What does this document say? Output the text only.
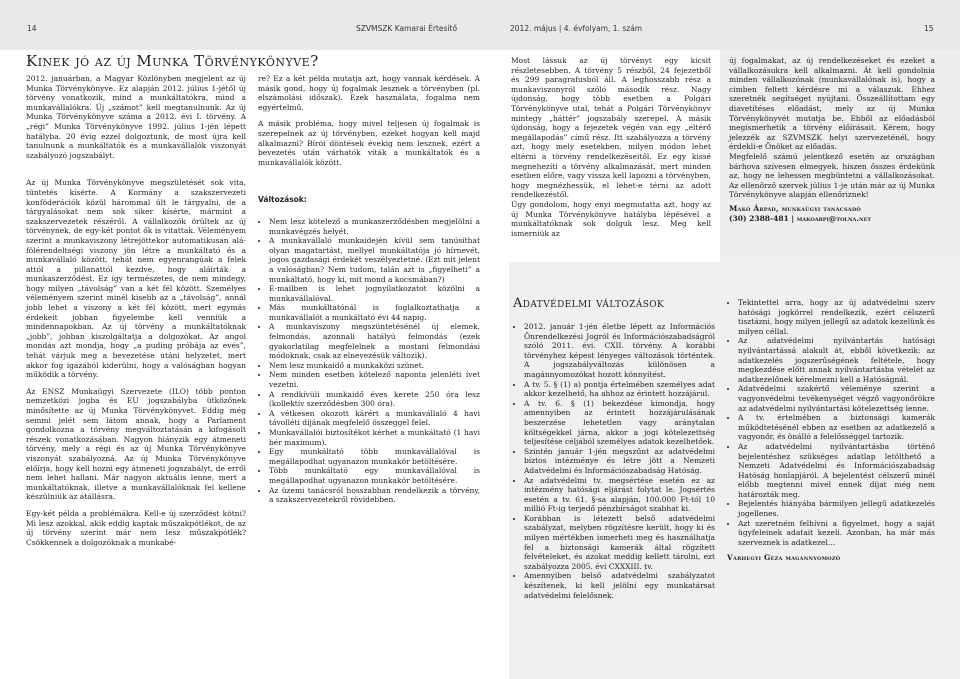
14	SZVMSZK Kamarai Értesítő	2012. május | 4. évfolyam, 1. szám	15
Kinek jó az új Munka Törvénykönyve?

2012. januárban, a Magyar Közlönyben megjelent az új Munka Törvénykönyve. Ez alapján 2012. július 1-jétől új törvény vonatkozik, mind a munkáltatókra, mind a munkavállalókra. Új „számot” kell megtanulnunk. Az új Munka Törvénykönyve száma a 2012. évi I. törvény. A „régi” Munka Törvénykönyve 1992. július 1-jén lépett hatályba. 20 évig ezzel dolgoztunk, de most újra kell tanulnunk a munkáltatók és a munkavállalók viszonyát szabályozó jogszabályt.

Az új Munka Törvénykönyve megszületését sok vita, tüntetés kísérte. A Kormány a szakszervezeti konföderációk közül hárommal ült le tárgyalni, de a tárgyalásokat nem sok siker kísérte, mármint a szakszervezetek részéről. A vállalkozók örültek az új törvénynek, de egy-két pontot ők is vitattak. Véleményem szerint a munkaviszony létrejöttekor automatikusan alá-fölérendeltségi viszony jön létre a munkáltató és a munkavállaló között, tehát nem egyenrangúak a felek attól a pillanattól kezdve, hogy aláírták a munkaszerződést. Ez így természetes, de nem mindegy, hogy milyen „távolság” van a két fél között. Személyes véleményem szerint minél kisebb az a „távolság”, annál jobb lehet a viszony a két fél között, mert egymás érdekeit jobban figyelembe kell venniük a mindennapokban. Az új törvény a munkáltatóknak „jobb”, jobban kiszolgáltatja a dolgozókat. Az angol mondás azt mondja, hogy „a puding próbája az evés”, tehát várjuk meg a bevezetése utáni helyzetet, mert akkor fog igazából kiderülni, hogy a valóságban hogyan működik a törvény.

Az ENSZ Munkaügyi Szervezete (ILO) több ponton nemzetközi jogba és EU jogszabályba ütközőnek minősítette az új Munka Törvénykönyvet. Eddig még semmi jelét sem látom annak, hogy a Parlament gondolkozna a törvény megváltoztatásán a kifogásolt részek vonatkozásában. Nagyon hiányzik egy átmeneti törvény, mely a régi és az új Munka Törvénykönyve viszonyát szabályozná. Az új Munka Törvénykönyve előírja, hogy kell hozni egy átmeneti jogszabályt, de erről nem lehet hallani. Már nagyon aktuális lenne, mert a munkáltatóknak, illetve a munkavállalóknak fel kellene készülniük az átállásra.

Egy-két példa a problémákra. Kell-e új szerződést kötni? Mi lesz azokkal, akik eddig kaptak műszakpótlékot, de az új törvény szerint már nem lesz műszakpótlék? Csökkennek a dolgozóknak a munkabé-

re? Ez a két példa mutatja azt, hogy vannak kérdések. A másik gond, hogy új fogalmak lesznek a törvényben (pl. elszámolási időszak). Ezek használata, fogalma nem egyértelmű.

A másik probléma, hogy mivel teljesen új fogalmak is szerepelnek az új törvényben, ezeket hogyan kell majd alkalmazni? Bírói döntések évekig nem lesznek, ezért a bevezetés után várhatók viták a munkáltatók és a munkavállalók között.

Változások:
• Nem lesz kötelező a munkaszerződésben megjelölni a munkavégzés helyét.
• A munkavállaló munkaidején kívül sem tanúsíthat olyan magatartást, mellyel munkáltatója jó hírnevét, jogos gazdasági érdekét veszélyeztetné. (Ezt mit jelent a valóságban? Nem tudom, talán azt is „figyelheti” a munkáltató, hogy ki, mit mond a kocsmában?)
• E-mailben is lehet jognyilatkozatot közölni a munkavállalóval.
• Más munkáltatónál is foglalkoztathatja a munkavállalót a munkáltató évi 44 napig.
• A munkaviszony megszüntetésénél új elemek, felmondás, azonnali hatályú felmondás (ezek gyakorlatilag megfelelnek a mostani felmondási módoknak, csak az elnevezésük változik).
• Nem lesz munkaidő a munkaközi szünet.
• Nem minden esetben kötelező naponta jelenléti ívet vezetni.
• A rendkívüli munkaidő éves kerete 250 óra lesz (kollektív szerződésben 300 óra).
• A vétkesen okozott kárért a munkavállaló 4 havi távolléti díjának megfelelő összeggel felel.
• Munkavállalói biztosítékot kérhet a munkáltató (1 havi bér maximum).
• Egy munkáltató több munkavállalóval is megállapodhat ugyanazon munkakör betöltésére.
• Több munkáltató egy munkavállalóval is megállapodhat ugyanazon munkakör betöltésére.
• Az üzemi tanácsról hosszabban rendelkezik a törvény, a szakszervezetekről rövidebben.

Most lássuk az új törvényt egy kicsit részletesebben. A törvény 5 részből, 24 fejezetből és 299 paragrafusból áll. A leghosszabb rész a munkaviszonyról szóló második rész. Nagy újdonság, hogy több esetben a Polgári Törvénykönyve utal, tehát a Polgári Törvénykönyv mintegy „háttér” jogszabály szerepel. A másik újdonság, hogy a fejezetek végén van egy „eltérő megállapodás” című rész. Itt szabályozza a törvény azt, hogy mely esetekben, milyen módon lehet eltérni a törvény rendelkezéseitől. Ez egy kissé megnehezíti a törvény alkalmazását, mert minden esetben előre, vagy vissza kell lapozni a törvényben, hogy megnézhessük, el lehet-e térni az adott rendelkezéstől.

Úgy gondolom, hogy enyi megmutatta azt, hogy az új Munka Törvénykönyve hatályba lépésével a munkáltatóknak sok dolguk lesz. Meg kell ismerniük az

új fogalmakat, az új rendelkezéseket és ezeket a vállalkozásukra kell alkalmazni. Át kell gondolnia minden vállalkozónak (munkavállalónak is), hogy a cimben feltett kérdésre mi a válaszuk. Ehhez szeretnék segítséget nyújtani. Összeállítottam egy diavetítéses előadást, mely az új Munka Törvénykönyvét mutatja be. Ebből az előadásból megismerhetik a törvény előírásait. Kérem, hogy jelezzék az SZVMSZK helyi szervezeténél, hogy érdekli-e Önöket az előadás.

Megfelelő számú jelentkező esetén az országban bárhova szívesen elmegyek, hiszen ősszes érdekünk az, hogy ne lehessen megbüntetni a vállalkozásokat. Az ellenőrző szervek július 1-je után már az új Munka Törvénykönyve alapján ellenőriznek!

Makó Árpád, munkaügyi tanácsadó
(30) 2388-481 | makoarpi@tolna.net
Adatvédelmi változások
• 2012. január 1-jén életbe lépett az Információs Önrendelkezési Jogról és Információszabadságról szóló 2011. évi. CXII. törvény. A korábbi törvényhez képest lényeges változások történtek. A jogszabályváltozás különösen a magánnyomozókat hozott könnyítést.
• A tv. 5. § (1) a) pontja értelmében személyes adat akkor kezelhető, ha ahhoz az érintett hozzájárul.
• A tv. 6. § (1) bekezdése kimondja, hogy amennyiben az érintett hozzájárulásának beszerzése lehetetlen vagy aránytalan költségekkel járna, akkor a jogi kötelezettség teljesítése céljából személyes adatok kezelhetőek.
• Szintén január 1-jén megszűnt az adatvédelmi biztos intézménye és létre jött a Nemzeti Adatvédelmi és Információszabadság Hatóság.
• Az adatvédelmi tv. megsértése esetén ez az intézmény hatósági eljárást folytat le. Jogsértés esetén a tv. 61. §-sa alapján, 100.000 Ft-tól 10 millió Ft-ig terjedő pénzbírságot szabhat ki.
• Korábban is létezett belső adatvédelmi szabályzat, melyben rögzítésre került, hogy ki és milyen mértékben ismerheti meg és használhatja fel a biztonsági kamerák által rögzített felvételeket, és azokat meddig kellett tárolni, ezt szabályozza 2005. évi CXXXIII. tv.
• Amennyiben belső adatvédelmi szabályzatot készítenek, ki kell jelölni egy munkatársat adatvédelmi felelősnek.
• Tekintettel arra, hogy az új adatvédelmi szerv hatósági jogkörrel rendelkezik, ezért célszerű tisztázni, hogy milyen jellegű az adatok kezelünk és milyen céllal.
• Az adatvédelmi nyilvántartás hatósági nyilvántartássá alakult át, ebből következik: az adatkezelés jogszerűségének feltétele, hogy megkezdése előtt annak nyilvántartásba vételét az adatkezelőnek kérelmezni kell a Hatóságnál.
• Adatvédelmi szakértő véleménye szerint a vagyonvédelmi tevékenységet végző vagyonőrökre az adatvédelmi nyilvántartási kötelezettség lenne.
• A tv. értelmében a biztonsági kamerák működtetésénél ebben az esetben az adatkezelő a vagyonőr, és önálló a felelősséggel tartozik.
• Az adatvédelmi nyilvántartásba történő bejelentéshez szükséges adatlap letölthető a Nemzeti Adatvédelmi és Információszabadság Hatóság honlapjáról. A bejelentést célszerű minél előbb megtenni mivel ennek díjat még nem határozták meg.
• Bejelentés hiányába bármilyen jellegű adatkezelés jogellenes.
• Azt szeretném felhívni a figyelmet, hogy a saját ügyfeleinek adatait kezeli. Azonban, ha már más szerveznek is adatkezel...
Várhegyi Géza magánnyomozó
